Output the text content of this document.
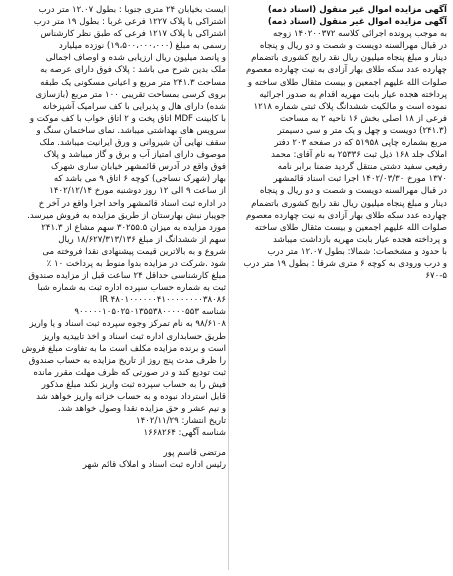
آگهی مزایده اموال غیر منقول (اسناد ذمه)
آگهی مزایده اموال غیر منقول (اسناد ذمه)
به موجب پرونده اجرائی کلاسه ۱۴۰۲۰۰۳۷۲ زوجه
در قبال مهرالسنه دویست و شصت و دو ریال و پنجاه
دینار و مبلغ پنجاه میلیون ریال نقد رایج کشوری باتضمام
چهارده عدد سکه طلای بهار آزادی به نیت چهارده معصوم
صلوات الله علیهم اجمعین و بیست مثقال طلای ساخته و
پرداخته هجده عیار بابت مهریه اقدام به صدور اجرائیه
نموده است و مالکیت ششدانگ پلاک ثبتی شماره ۱۲۱۸
فرعی از ۱۸ اصلی بخش ۱۶ ناحیه ۲ به مساحت
(۲۴۱.۳) دویست و چهل و یک متر و سی دسیمتر
مربع بشماره چاپی ۵۱۹۵۸ که در صفحه ۲۰۳ دفتر
املاک جلد ۱۶۸ ذیل ثبت ۲۵۳۳۶ به نام آقای: محمد
رفیعی سفید دشتی منتقل گردید ضمنا برابر نامه
۱۳۷۰ مورخ ۱۴۰۲/۰۳/۳۰ اجرا ثبت اسناد قائمشهر
در قبال مهرالسنه دویست و شصت و دو ریال و پنجاه
دینار و مبلغ پنجاه میلیون ریال نقد رایج کشوری باتضمام
چهارده عدد سکه طلای بهار آزادی به نیت چهارده معصوم
صلوات الله علیهم اجمعین و بیست مثقال طلای ساخته
و پرداخته هجده عیار بابت مهریه بازداشت میباشد
با حدود و مشخصات: شمالا: بطول ۱۲.۰۷ متر درب
و درب ورودی به کوچه ۶ متری شرقا : بطول ۱۹ متر درب
۶۷۰-۵
ایست بخیابان ۲۴ متری جنوبا : بطول ۱۲.۰۷ متر درب
اشتراکی با پلاک ۱۲۲۷ فرعی غربا : بطول ۱۹ متر درب
اشتراکی با پلاک ۱۲۱۷ فرعی که طبق نظر کارشناس
رسمی به مبلغ (۱۹،۵۰۰،۰۰۰،۰۰۰) نوزده میلیارد
و پانصد میلیون ریال ارزیابی شده و اوصاف اجمالی
ملک بدین شرح می باشد : پلاک فوق دارای عرصه به
مساحت ۲۴۱.۳ متر مربع و اعیانی مسکونی یک طبقه
بروی کرسی بمساحت تقریبی ۱۰۰ متر مربع (بازسازی
شده) دارای هال و پذیرایی با کف سرامیک آشپزخانه
با کابینت MDF اتاق پخت و ۲ اتاق خواب با کف موکت و
سرویس های بهداشتی میباشد. نمای ساختمان سنگ و
سقف نهایی آن شیروانی و ورق ایرانیت میباشد. ملک
موصوف دارای امتیاز آب و برق و گاز میباشد و پلاک
فوق واقع در آدرس قائمشهر خیابان ساری شهرک
بهار (شهرک نساجی) کوچه ۶ اتاق ۹ می باشد که
از ساعت ۹ الی ۱۲ روز دوشنبه مورخ ۱۴۰۲/۱۲/۱۴
در اداره ثبت اسناد قائمشهر واحد اجرا واقع در آخر خ
جویبار نبش بهارستان از طریق مزایده به فروش میرسد.
مورد مزایده به میزان ۳۰۲۵۵.۵ سهم مشاع از ۲۴۱.۳
سهم از ششدانگ از مبلغ ۱۸/۶۲۷/۳۱۳/۱۳۶ ریال
شروع و به بالاترین قیمت پیشنهادی نقدا فروخته می
شود .شرکت در مزایده بدوا منوط به پرداخت ۱۰ ٪
مبلغ کارشناسی حداقل ۲۴ ساعت قبل از مزایده صندوق
ثبت به شماره حساب سپرده اداره ثبت به شماره شبا
IR ۴۸۰۱۰۰۰۰۰۰۴۱۰۰۰۰۰۰۰۰۳۸۰۸۶
شناسه ۹۰۰۰۰۰۱۰۵۰۲۵۰۱۳۵۵۳۸۰۰۰۰۰۵۵۳
۹۸/۶۱۰۸ به نام تمرکز وجوه سپرده ثبت اسناد و یا واریز
طریق حسابداری اداره ثبت اسناد و اخذ تاییدیه واریز
است و برنده مزایده مکلف است ما به تفاوت مبلغ فروش
را ظرف مدت پنج روز از تاریخ مزایده به حساب صندوق
ثبت تودیع کند و در صورتی که ظرف مهلت مقرر مانده
فیش را به حساب سپرده ثبت واریز نکند مبلغ مذکور
قابل استرداد نبوده و به حساب خزانه واریز خواهد شد
و نیم عشر و حق مزایده نقدا وصول خواهد شد.
تاریخ انتشار: ۱۴۰۲/۱۱/۲۹
شناسه آگهی: ۱۶۶۸۲۶۴
مرتضی قاسم پور
رئیس اداره ثبت اسناد و املاک قائم شهر
